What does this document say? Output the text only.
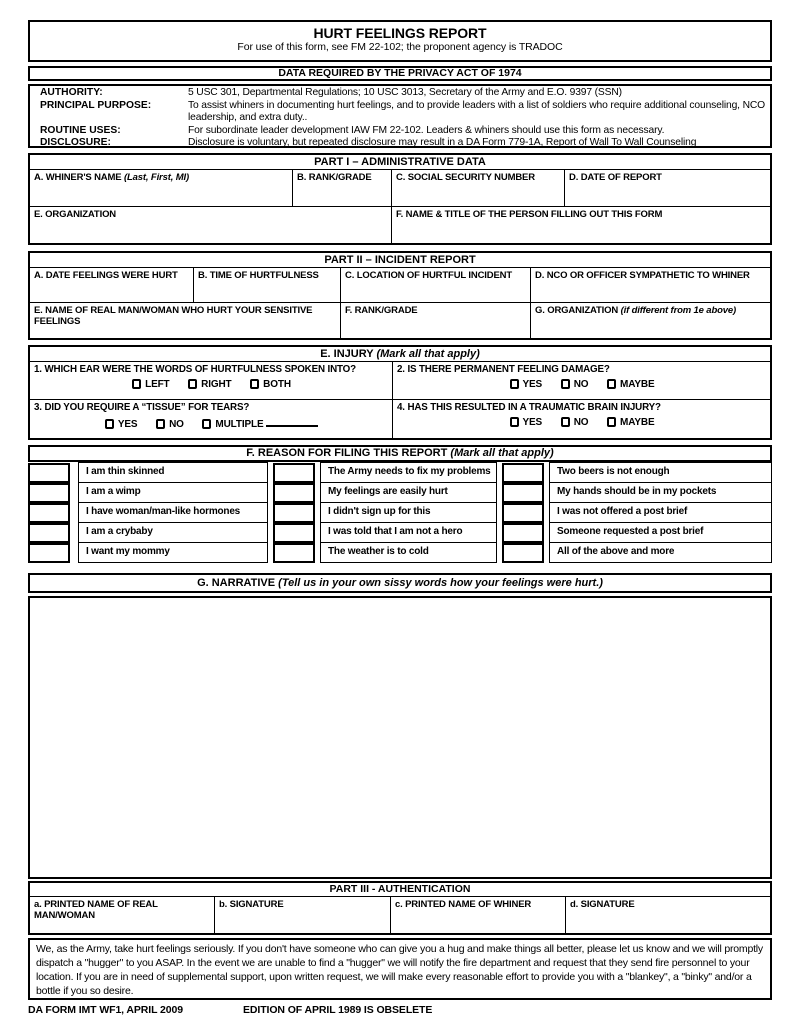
HURT FEELINGS REPORT
For use of this form, see FM 22-102; the proponent agency is TRADOC
DATA REQUIRED BY THE PRIVACY ACT OF 1974
AUTHORITY:	5 USC 301, Departmental Regulations; 10 USC 3013, Secretary of the Army and E.O. 9397 (SSN)
PRINCIPAL PURPOSE:	To assist whiners in documenting hurt feelings, and to provide leaders with a list of soldiers who require additional counseling, NCO leadership, and extra duty..
ROUTINE USES:	For subordinate leader development IAW FM 22-102. Leaders & whiners should use this form as necessary.
DISCLOSURE:	Disclosure is voluntary, but repeated disclosure may result in a DA Form 779-1A, Report of Wall To Wall Counseling
PART I – ADMINISTRATIVE DATA
A. WHINER'S NAME (Last, First, MI)	B. RANK/GRADE	C. SOCIAL SECURITY NUMBER	D. DATE OF REPORT
E. ORGANIZATION	F. NAME & TITLE OF THE PERSON FILLING OUT THIS FORM
PART II – INCIDENT REPORT
A. DATE FEELINGS WERE HURT	B. TIME OF HURTFULNESS	C. LOCATION OF HURTFUL INCIDENT	D. NCO OR OFFICER SYMPATHETIC TO WHINER
E. NAME OF REAL MAN/WOMAN WHO HURT YOUR SENSITIVE FEELINGS
F. RANK/GRADE	G. ORGANIZATION (if different from 1e above)
E. INJURY (Mark all that apply)
1. WHICH EAR WERE THE WORDS OF HURTFULNESS SPOKEN INTO?
LEFT	RIGHT	BOTH
2. IS THERE PERMANENT FEELING DAMAGE?
YES	NO	MAYBE
3. DID YOU REQUIRE A “TISSUE” FOR TEARS?
YES	NO	MULTIPLE
4. HAS THIS RESULTED IN A TRAUMATIC BRAIN INJURY?
YES	NO	MAYBE
F. REASON FOR FILING THIS REPORT (Mark all that apply)
I am thin skinned	The Army needs to fix my problems	Two beers is not enough
I am a wimp	My feelings are easily hurt	My hands should be in my pockets
I have woman/man-like hormones	I didn't sign up for this	I was not offered a post brief
I am a crybaby	I was told that I am not a hero	Someone requested a post brief
I want my mommy	The weather is to cold	All of the above and more
G. NARRATIVE (Tell us in your own sissy words how your feelings were hurt.)
PART III - AUTHENTICATION
a. PRINTED NAME OF REAL MAN/WOMAN
b. SIGNATURE	c. PRINTED NAME OF WHINER	d. SIGNATURE
We, as the Army, take hurt feelings seriously. If you don't have someone who can give you a hug and make things all better, please let us know and we will promptly dispatch a "hugger" to you ASAP. In the event we are unable to find a "hugger" we will notify the fire department and request that they send fire personnel to your location. If you are in need of supplemental support, upon written request, we will make every reasonable effort to provide you with a "blankey", a "binky" and/or a bottle if you so desire.
DA FORM IMT WF1, APRIL 2009	EDITION OF APRIL 1989 IS OBSELETE
